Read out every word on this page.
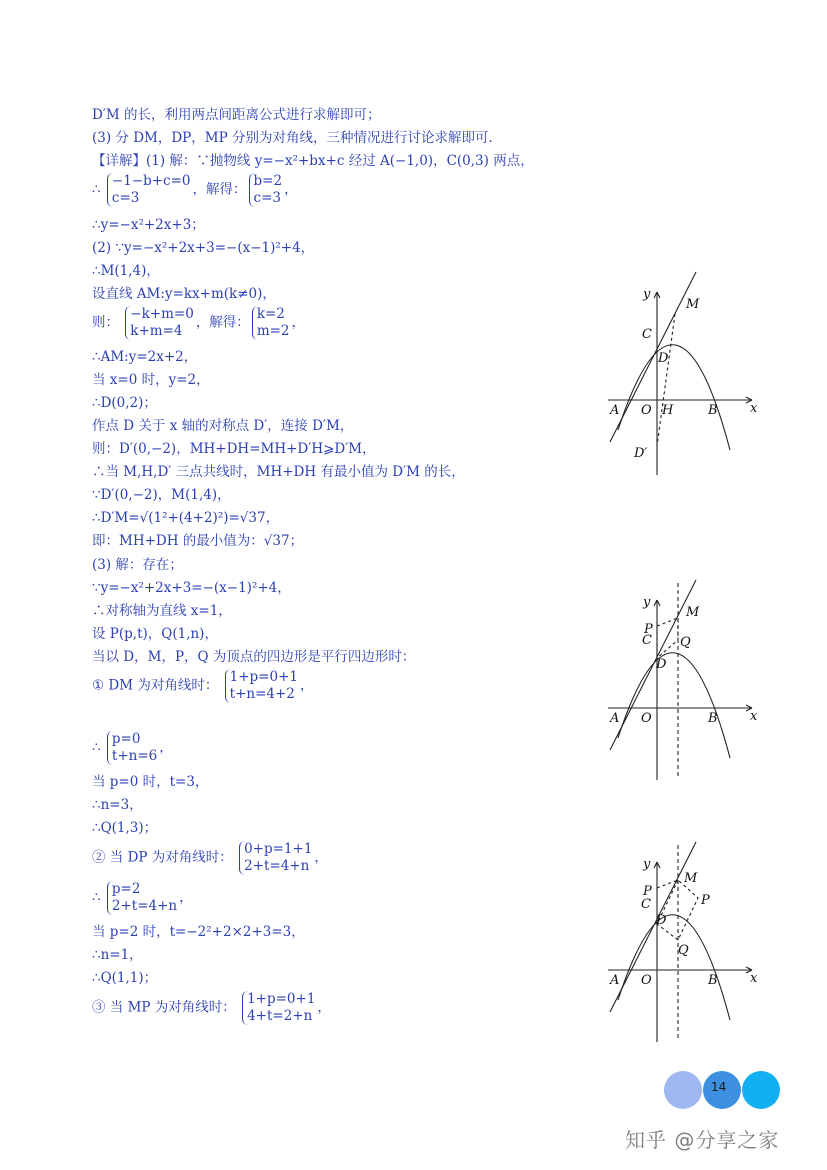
D′M 的长，利用两点间距离公式进行求解即可；
(3) 分 DM，DP，MP 分别为对角线，三种情况进行讨论求解即可.
【详解】(1) 解：∵抛物线 y=−x²+bx+c 经过 A(−1,0)，C(0,3) 两点，
∴ −1−b+c=0
c=3，解得：b=2
c=3，
∴y=−x²+2x+3；
(2) ∵y=−x²+2x+3=−(x−1)²+4，
∴M(1,4)，
设直线 AM:y=kx+m(k≠0)，
则： −k+m=0
k+m=4，解得：k=2
m=2，
∴AM:y=2x+2，
当 x=0 时，y=2，
∴D(0,2)；
作点 D 关于 x 轴的对称点 D′，连接 D′M，
则：D′(0,−2)，MH+DH=MH+D′H⩾D′M，
∴当 M,H,D′ 三点共线时，MH+DH 有最小值为 D′M 的长，
∵D′(0,−2)，M(1,4)，
∴D′M=√(1²+(4+2)²)=√37，
即：MH+DH 的最小值为：√37；
(3) 解：存在；
∵y=−x²+2x+3=−(x−1)²+4，
∴对称轴为直线 x=1，
设 P(p,t)，Q(1,n)，
当以 D，M，P，Q 为顶点的四边形是平行四边形时：
① DM 为对角线时： 1+p=0+1
t+n=4+2，
∴ p=0
t+n=6，
当 p=0 时，t=3，
∴n=3，
∴Q(1,3)；
② 当 DP 为对角线时： 0+p=1+1
2+t=4+n，
∴ p=2
2+t=4+n，
当 p=2 时，t=−2²+2×2+3=3，
∴n=1，
∴Q(1,1)；
③ 当 MP 为对角线时： 1+p=0+1
4+t=2+n，
y
x
M
C
D
A O H	B
D′
y
x
M
P
C Q
D
A O	B
y
x
M
P
P
C
D
Q
A O	B
14
知乎 @分享之家
